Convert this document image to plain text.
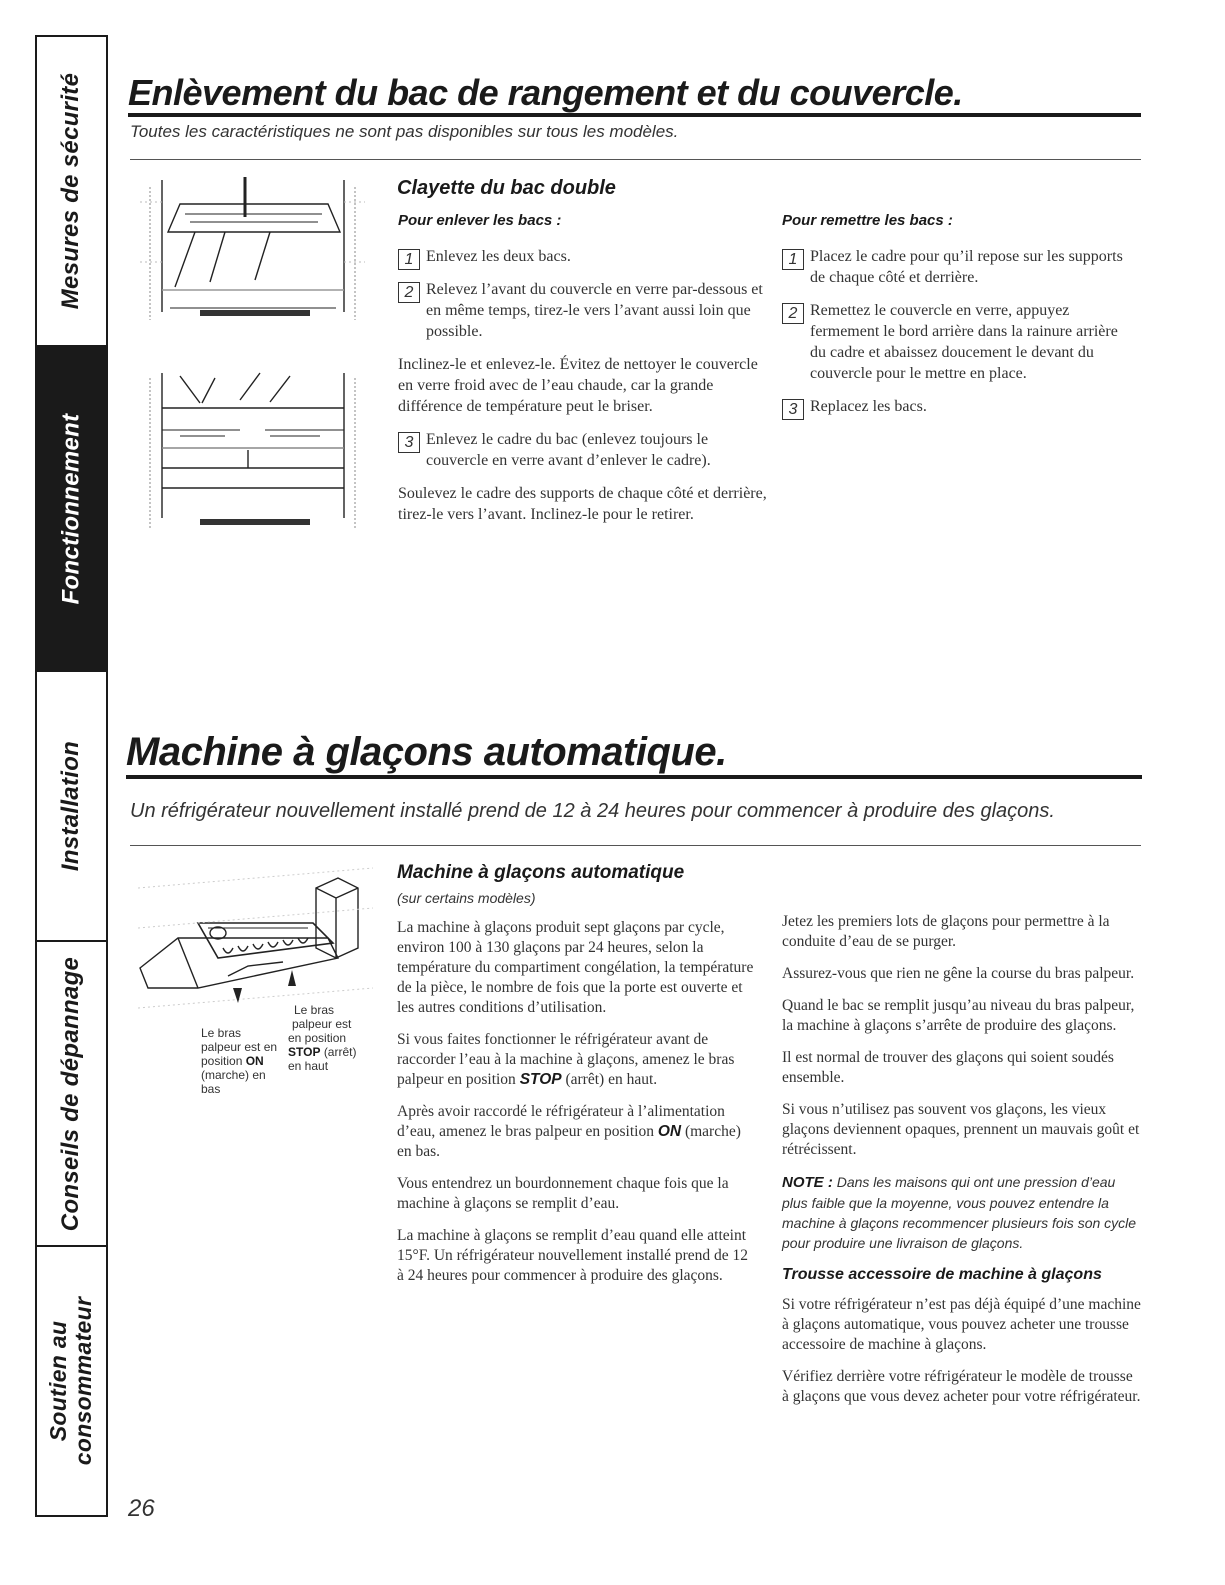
Mesures de sécurité
Fonctionnement
Installation
Conseils de dépannage
Soutien au
consommateur
Enlèvement du bac de rangement et du couvercle.
Toutes les caractéristiques ne sont pas disponibles sur tous les modèles.
Clayette du bac double
Pour enlever les bacs :
1 Enlevez les deux bacs.
2 Relevez l’avant du couvercle en verre par-dessous et en même temps, tirez-le vers l’avant aussi loin que possible.

Inclinez-le et enlevez-le. Évitez de nettoyer le couvercle en verre froid avec de l’eau chaude, car la grande différence de température peut le briser.

3 Enlevez le cadre du bac (enlevez toujours le couvercle en verre avant d’enlever le cadre).

Soulevez le cadre des supports de chaque côté et derrière, tirez-le vers l’avant. Inclinez-le pour le retirer.

Pour remettre les bacs :
1 Placez le cadre pour qu’il repose sur les supports de chaque côté et derrière.
2 Remettez le couvercle en verre, appuyez fermement le bord arrière dans la rainure arrière du cadre et abaissez doucement le devant du couvercle pour le mettre en place.
3 Replacez les bacs.
Machine à glaçons automatique.
Un réfrigérateur nouvellement installé prend de 12 à 24 heures pour commencer à produire des glaçons.
Le bras
palpeur est en
position ON
(marche) en
bas
Le bras
palpeur est
en position
STOP (arrêt)
en haut
Machine à glaçons automatique
(sur certains modèles)

La machine à glaçons produit sept glaçons par cycle, environ 100 à 130 glaçons par 24 heures, selon la température du compartiment congélation, la température de la pièce, le nombre de fois que la porte est ouverte et les autres conditions d’utilisation.

Si vous faites fonctionner le réfrigérateur avant de raccorder l’eau à la machine à glaçons, amenez le bras palpeur en position STOP (arrêt) en haut.

Après avoir raccordé le réfrigérateur à l’alimentation d’eau, amenez le bras palpeur en position ON (marche) en bas.

Vous entendrez un bourdonnement chaque fois que la machine à glaçons se remplit d’eau.

La machine à glaçons se remplit d’eau quand elle atteint 15°F. Un réfrigérateur nouvellement installé prend de 12 à 24 heures pour commencer à produire des glaçons.

Jetez les premiers lots de glaçons pour permettre à la conduite d’eau de se purger.

Assurez-vous que rien ne gêne la course du bras palpeur.

Quand le bac se remplit jusqu’au niveau du bras palpeur, la machine à glaçons s’arrête de produire des glaçons.

Il est normal de trouver des glaçons qui soient soudés ensemble.

Si vous n’utilisez pas souvent vos glaçons, les vieux glaçons deviennent opaques, prennent un mauvais goût et rétrécissent.

NOTE : Dans les maisons qui ont une pression d’eau plus faible que la moyenne, vous pouvez entendre la machine à glaçons recommencer plusieurs fois son cycle pour produire une livraison de glaçons.

Trousse accessoire de machine à glaçons

Si votre réfrigérateur n’est pas déjà équipé d’une machine à glaçons automatique, vous pouvez acheter une trousse accessoire de machine à glaçons.

Vérifiez derrière votre réfrigérateur le modèle de trousse à glaçons que vous devez acheter pour votre réfrigérateur.

26
